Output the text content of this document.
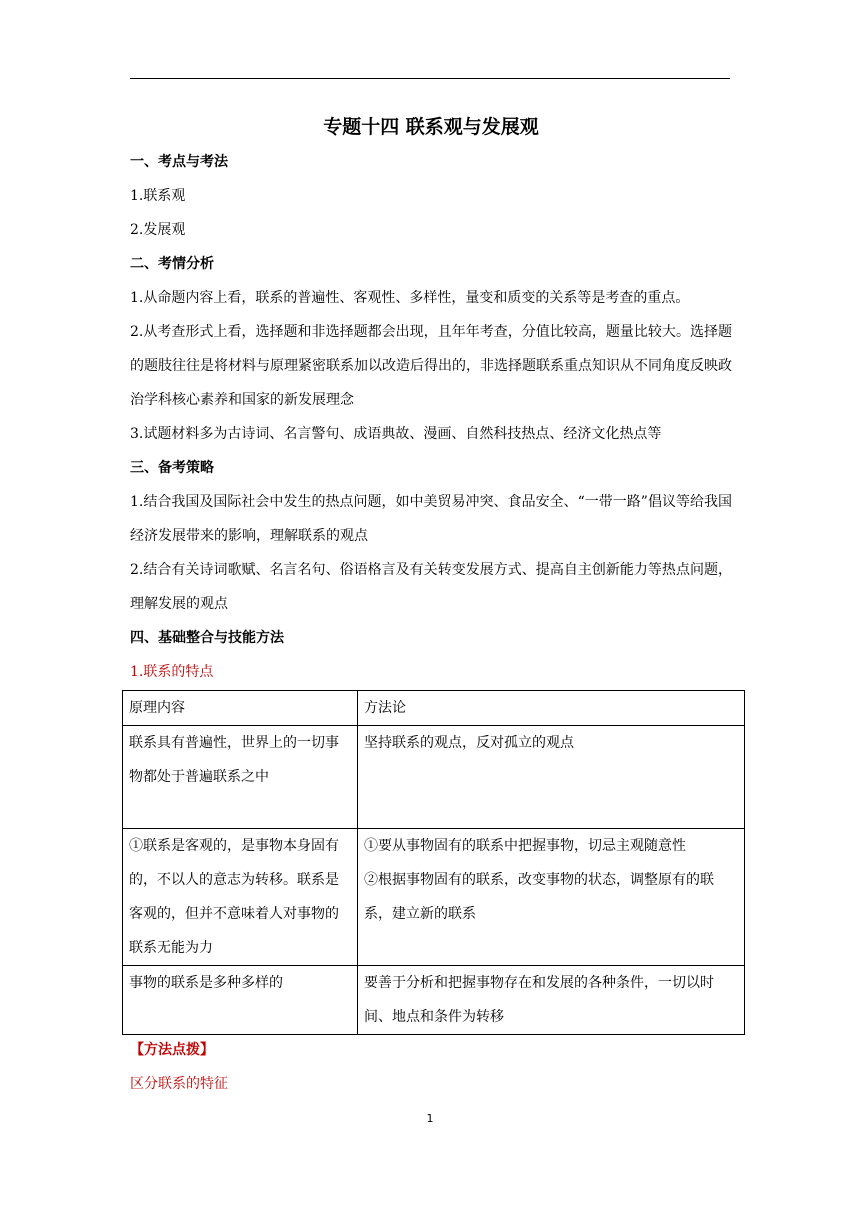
专题十四 联系观与发展观
一、考点与考法
1.联系观
2.发展观
二、考情分析
1.从命题内容上看，联系的普遍性、客观性、多样性，量变和质变的关系等是考查的重点。
2.从考查形式上看，选择题和非选择题都会出现，且年年考查，分值比较高，题量比较大。选择题的题肢往往是将材料与原理紧密联系加以改造后得出的，非选择题联系重点知识从不同角度反映政治学科核心素养和国家的新发展理念
3.试题材料多为古诗词、名言警句、成语典故、漫画、自然科技热点、经济文化热点等
三、备考策略
1.结合我国及国际社会中发生的热点问题，如中美贸易冲突、食品安全、“一带一路”倡议等给我国经济发展带来的影响，理解联系的观点
2.结合有关诗词歌赋、名言名句、俗语格言及有关转变发展方式、提高自主创新能力等热点问题，理解发展的观点
四、基础整合与技能方法
1.联系的特点
原理内容	方法论
联系具有普遍性，世界上的一切事物都处于普遍联系之中	坚持联系的观点，反对孤立的观点
①联系是客观的，是事物本身固有的，不以人的意志为转移。联系是客观的，但并不意味着人对事物的联系无能为力	①要从事物固有的联系中把握事物，切忌主观随意性
②根据事物固有的联系，改变事物的状态，调整原有的联系，建立新的联系

事物的联系是多种多样的	要善于分析和把握事物存在和发展的各种条件，一切以时间、地点和条件为转移
【方法点拨】
区分联系的特征
1
